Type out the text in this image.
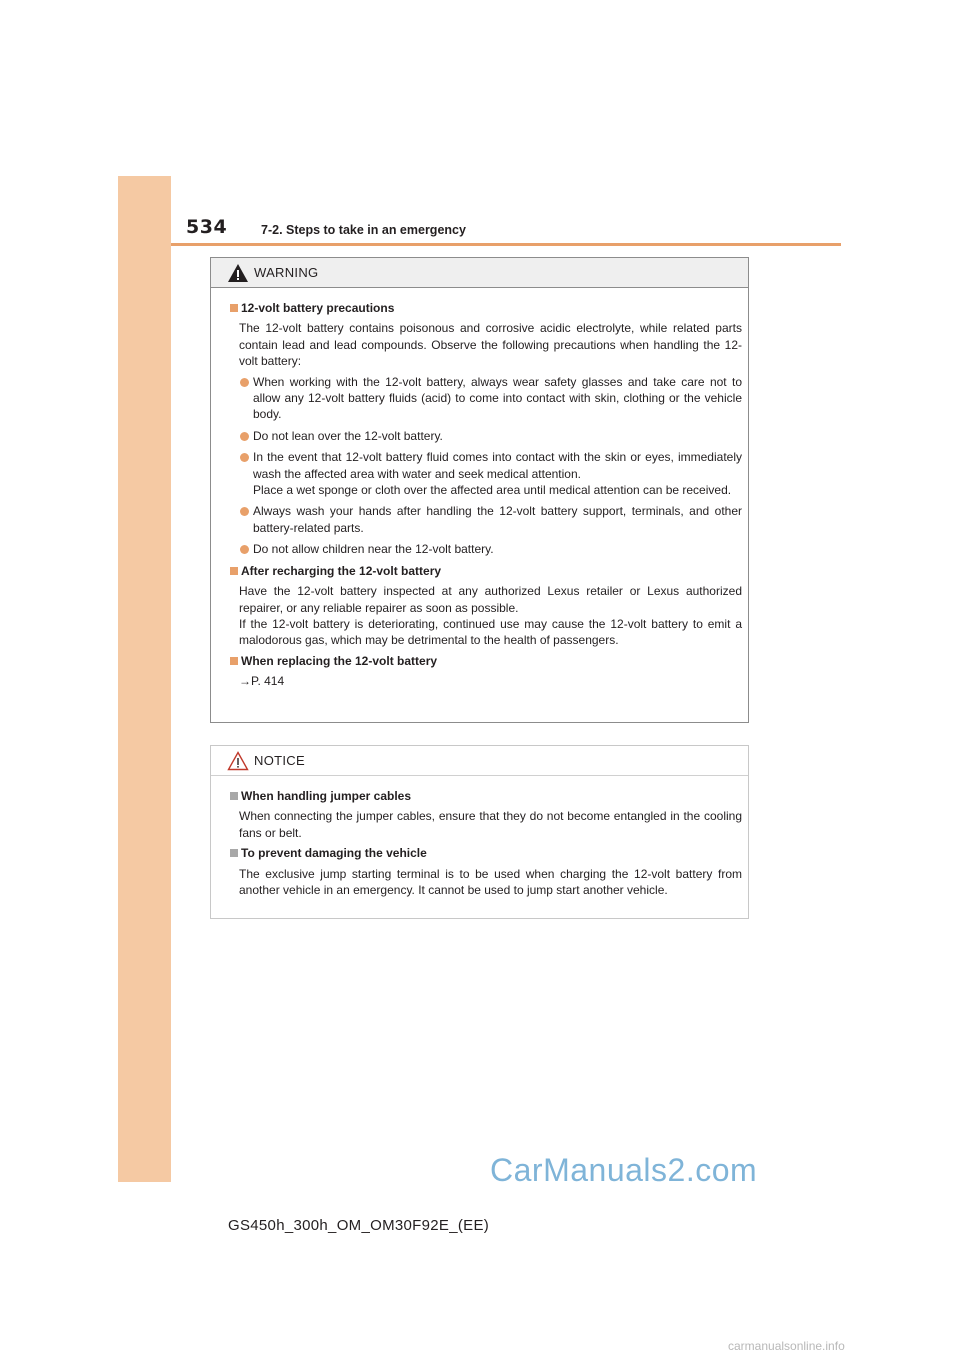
534	7-2. Steps to take in an emergency
WARNING
12-volt battery precautions
The 12-volt battery contains poisonous and corrosive acidic electrolyte, while related parts contain lead and lead compounds. Observe the following precautions when handling the 12-volt battery:
When working with the 12-volt battery, always wear safety glasses and take care not to allow any 12-volt battery fluids (acid) to come into contact with skin, clothing or the vehicle body.
Do not lean over the 12-volt battery.
In the event that 12-volt battery fluid comes into contact with the skin or eyes, immediately wash the affected area with water and seek medical attention.
Place a wet sponge or cloth over the affected area until medical attention can be received.
Always wash your hands after handling the 12-volt battery support, terminals, and other battery-related parts.
Do not allow children near the 12-volt battery.
After recharging the 12-volt battery
Have the 12-volt battery inspected at any authorized Lexus retailer or Lexus authorized repairer, or any reliable repairer as soon as possible.
If the 12-volt battery is deteriorating, continued use may cause the 12-volt battery to emit a malodorous gas, which may be detrimental to the health of passengers.
When replacing the 12-volt battery
→P. 414
NOTICE
When handling jumper cables
When connecting the jumper cables, ensure that they do not become entangled in the cooling fans or belt.
To prevent damaging the vehicle
The exclusive jump starting terminal is to be used when charging the 12-volt battery from another vehicle in an emergency. It cannot be used to jump start another vehicle.
CarManuals2.com
GS450h_300h_OM_OM30F92E_(EE)
carmanualsonline.info
